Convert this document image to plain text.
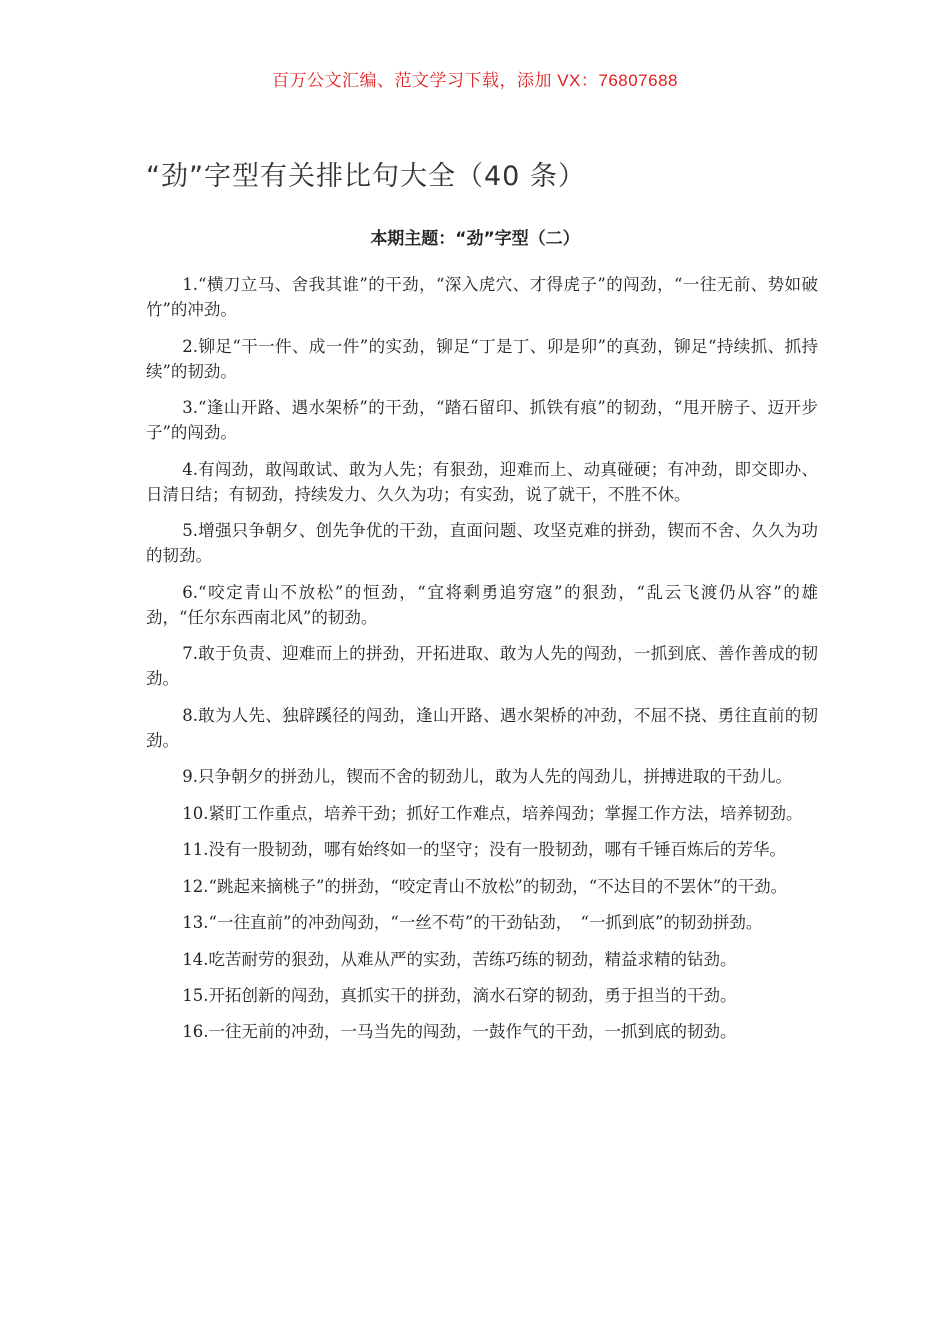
百万公文汇编、范文学习下载，添加 VX：76807688
“劲”字型有关排比句大全（40 条）
本期主题：“劲”字型（二）

1.“横刀立马、舍我其谁”的干劲，“深入虎穴、才得虎子”的闯劲，“一往无前、势如破竹”的冲劲。

2.铆足“干一件、成一件”的实劲，铆足“丁是丁、卯是卯”的真劲，铆足“持续抓、抓持续”的韧劲。

3.“逢山开路、遇水架桥”的干劲，“踏石留印、抓铁有痕”的韧劲，“甩开膀子、迈开步子”的闯劲。

4.有闯劲，敢闯敢试、敢为人先；有狠劲，迎难而上、动真碰硬；有冲劲，即交即办、日清日结；有韧劲，持续发力、久久为功；有实劲，说了就干，不胜不休。

5.增强只争朝夕、创先争优的干劲，直面问题、攻坚克难的拼劲，锲而不舍、久久为功的韧劲。

6.“咬定青山不放松”的恒劲，“宜将剩勇追穷寇”的狠劲，“乱云飞渡仍从容”的雄劲，“任尔东西南北风”的韧劲。

7.敢于负责、迎难而上的拼劲，开拓进取、敢为人先的闯劲，一抓到底、善作善成的韧劲。

8.敢为人先、独辟蹊径的闯劲，逢山开路、遇水架桥的冲劲，不屈不挠、勇往直前的韧劲。

9.只争朝夕的拼劲儿，锲而不舍的韧劲儿，敢为人先的闯劲儿，拼搏进取的干劲儿。

10.紧盯工作重点，培养干劲；抓好工作难点，培养闯劲；掌握工作方法，培养韧劲。

11.没有一股韧劲，哪有始终如一的坚守；没有一股韧劲，哪有千锤百炼后的芳华。

12.“跳起来摘桃子”的拼劲，“咬定青山不放松”的韧劲，“不达目的不罢休”的干劲。

13.“一往直前”的冲劲闯劲，“一丝不苟”的干劲钻劲，　“一抓到底”的韧劲拼劲。

14.吃苦耐劳的狠劲，从难从严的实劲，苦练巧练的韧劲，精益求精的钻劲。

15.开拓创新的闯劲，真抓实干的拼劲，滴水石穿的韧劲，勇于担当的干劲。

16.一往无前的冲劲，一马当先的闯劲，一鼓作气的干劲，一抓到底的韧劲。
